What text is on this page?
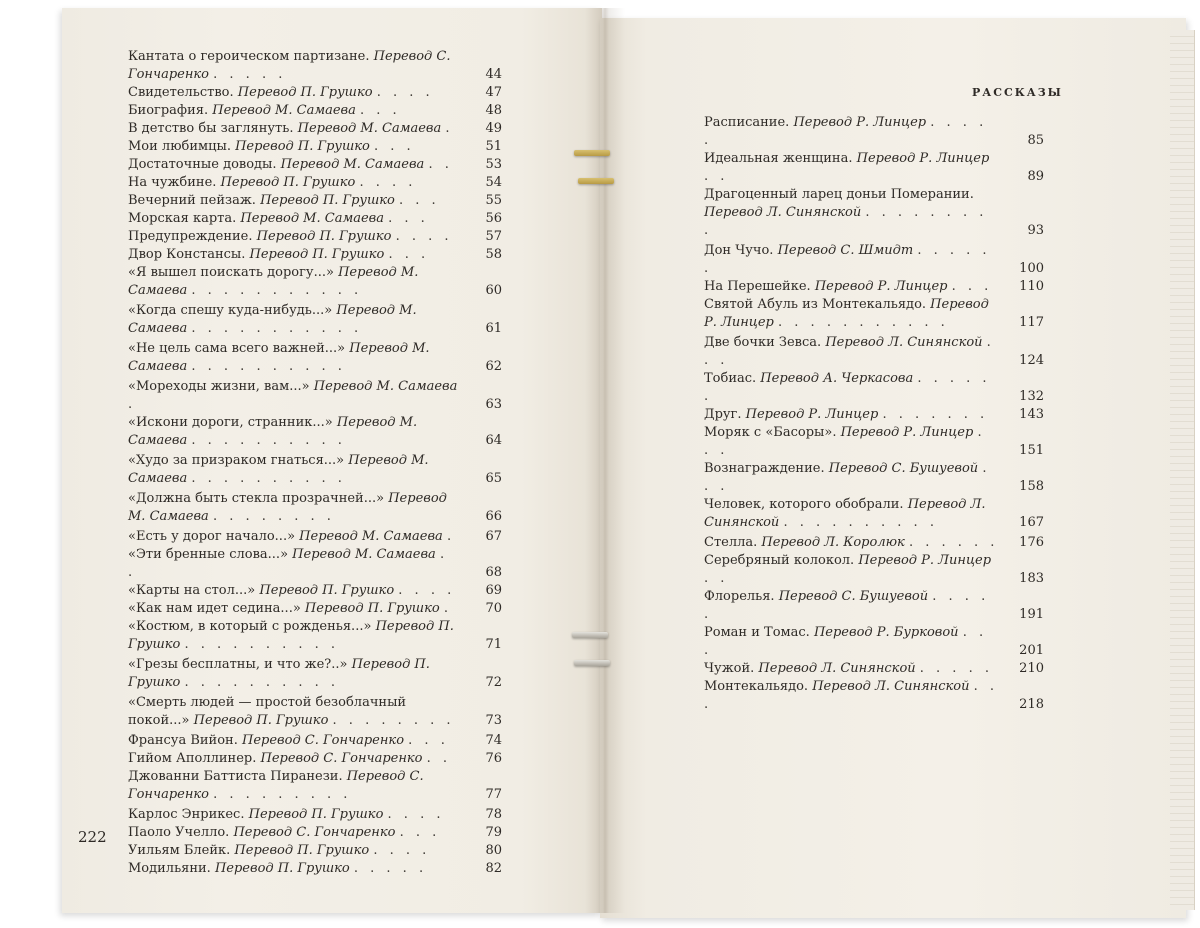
РАССКАЗЫ
Кантата о героическом партизане. Перевод С. Гончаренко . . . . .	44
Свидетельство. Перевод П. Грушко . . . .	47
Биография. Перевод М. Самаева . . .	48
В детство бы заглянуть. Перевод М. Самаева .	49
Мои любимцы. Перевод П. Грушко . . .	51
Достаточные доводы. Перевод М. Самаева . .	53
На чужбине. Перевод П. Грушко . . . .	54
Вечерний пейзаж. Перевод П. Грушко . . .	55
Морская карта. Перевод М. Самаева . . .	56
Предупреждение. Перевод П. Грушко . . . .	57
Двор Констансы. Перевод П. Грушко . . .	58
«Я вышел поискать дорогу...» Перевод М. Самаева . . . . . . . . . . .	60
«Когда спешу куда-нибудь...» Перевод М. Самаева . . . . . . . . . . .	61
«Не цель сама всего важней...» Перевод М. Самаева . . . . . . . . . .	62
«Мореходы жизни, вам...» Перевод М. Самаева .	63
«Искони дороги, странник...» Перевод М. Самаева . . . . . . . . . .	64
«Худо за призраком гнаться...» Перевод М. Самаева . . . . . . . . . .	65
«Должна быть стекла прозрачней...» Перевод М. Самаева . . . . . . . .	66
«Есть у дорог начало...» Перевод М. Самаева .	67
«Эти бренные слова...» Перевод М. Самаева . .	68
«Карты на стол...» Перевод П. Грушко . . . .	69
«Как нам идет седина...» Перевод П. Грушко .	70
«Костюм, в который с рожденья...» Перевод П. Грушко . . . . . . . . . .	71
«Грезы бесплатны, и что же?..» Перевод П. Грушко . . . . . . . . . .	72
«Смерть людей — простой безоблачный покой...» Перевод П. Грушко . . . . . . . .	73
Франсуа Вийон. Перевод С. Гончаренко . . .	74
Гийом Аполлинер. Перевод С. Гончаренко . .	76
Джованни Баттиста Пиранези. Перевод С. Гончаренко . . . . . . . . .	77
Карлос Энрикес. Перевод П. Грушко . . . .	78
Паоло Учелло. Перевод С. Гончаренко . . .	79
Уильям Блейк. Перевод П. Грушко . . . .	80
Модильяни. Перевод П. Грушко . . . . .	82
222
Расписание. Перевод Р. Линцер . . . . .	85
Идеальная женщина. Перевод Р. Линцер . .	89
Драгоценный ларец доньи Померании. Перевод Л. Синянской . . . . . . . . .	93
Дон Чучо. Перевод С. Шмидт . . . . . .	100
На Перешейке. Перевод Р. Линцер . . .	110
Святой Абуль из Монтекальядо. Перевод Р. Линцер . . . . . . . . . . .	117
Две бочки Зевса. Перевод Л. Синянской . . .	124
Тобиас. Перевод А. Черкасова . . . . . .	132
Друг. Перевод Р. Линцер . . . . . . .	143
Моряк с «Басоры». Перевод Р. Линцер . . .	151
Вознаграждение. Перевод С. Бушуевой . . .	158
Человек, которого обобрали. Перевод Л. Синянской . . . . . . . . . .	167
Стелла. Перевод Л. Королюк . . . . . .	176
Серебряный колокол. Перевод Р. Линцер . .	183
Флорелья. Перевод С. Бушуевой . . . . .	191
Роман и Томас. Перевод Р. Бурковой . . .	201
Чужой. Перевод Л. Синянской . . . . .	210
Монтекальядо. Перевод Л. Синянской . . .	218
